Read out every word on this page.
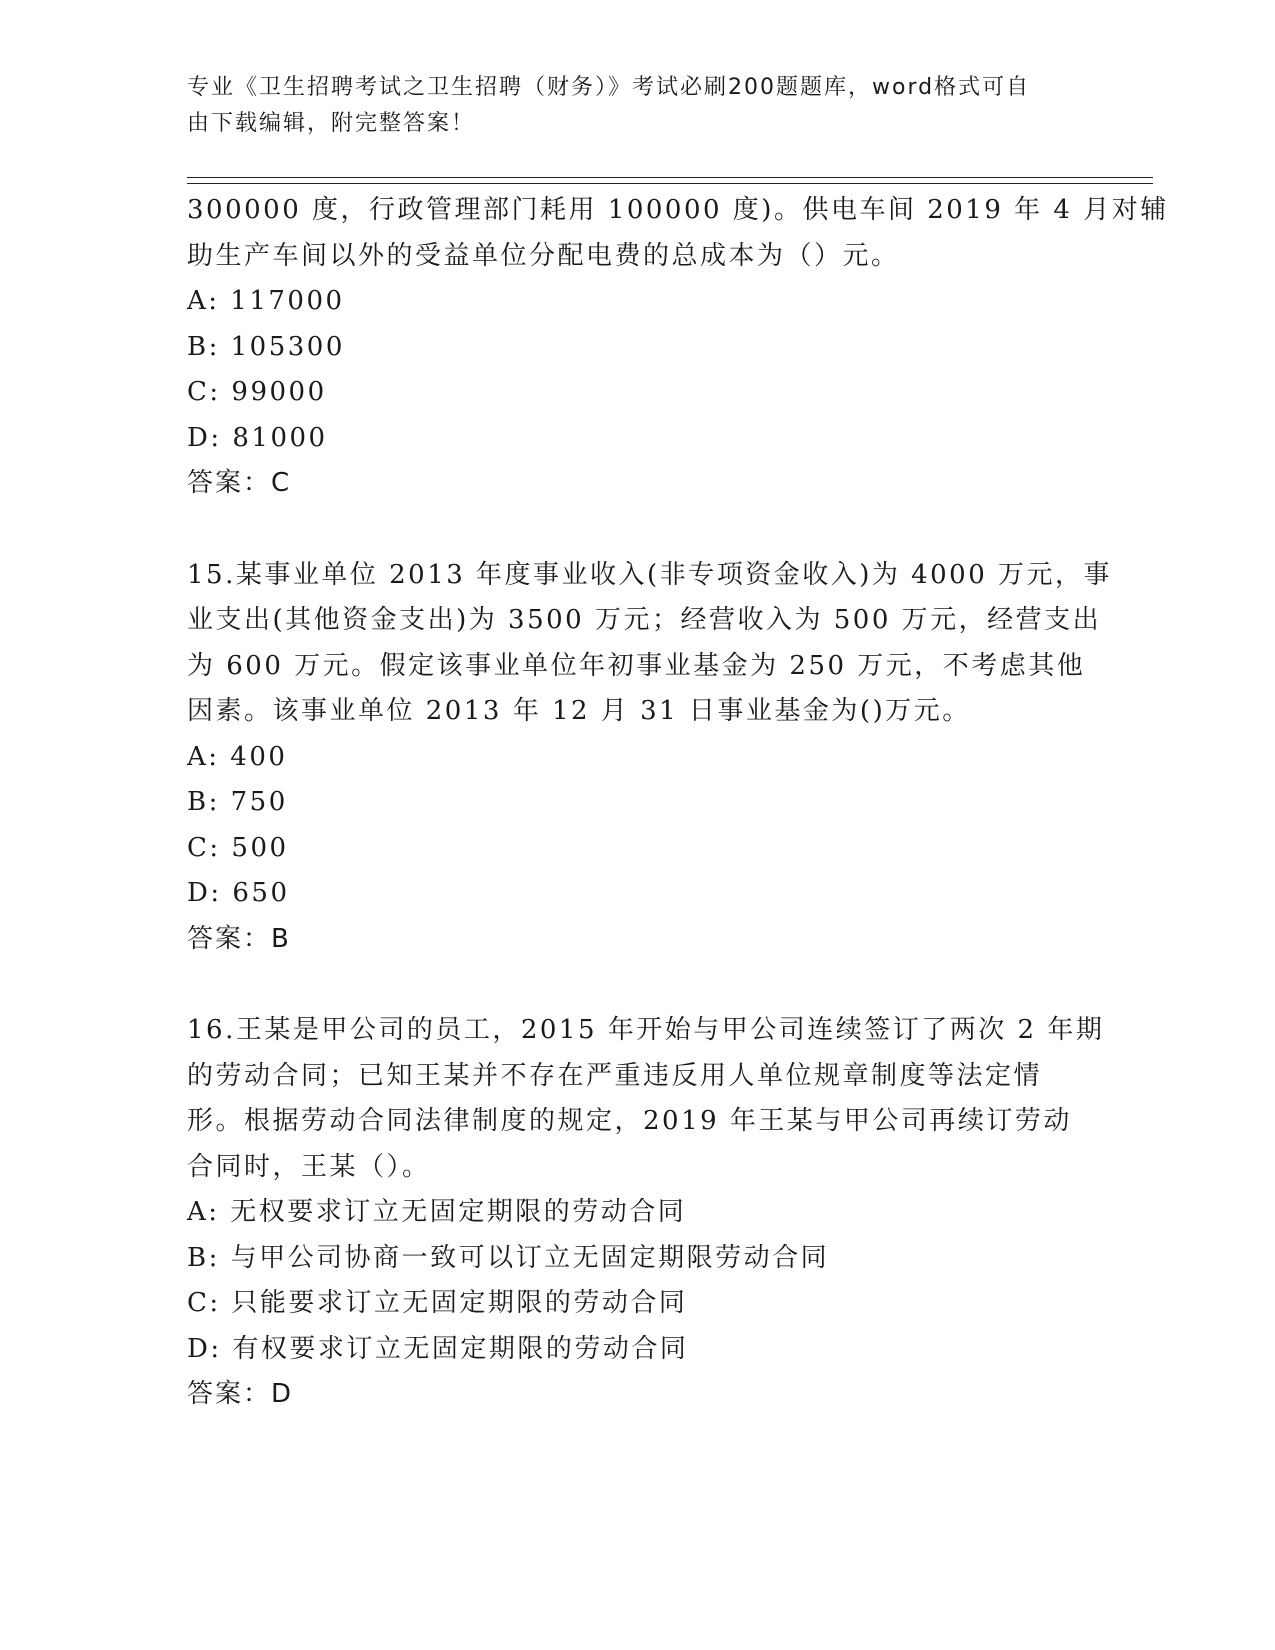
专业《卫生招聘考试之卫生招聘（财务）》考试必刷200题题库，word格式可自
由下载编辑，附完整答案！
300000 度，行政管理部门耗用 100000 度)。供电车间 2019 年 4 月对辅
助生产车间以外的受益单位分配电费的总成本为（）元。
A: 117000
B: 105300
C: 99000
D: 81000
答案：C
15.某事业单位 2013 年度事业收入(非专项资金收入)为 4000 万元，事
业支出(其他资金支出)为 3500 万元；经营收入为 500 万元，经营支出
为 600 万元。假定该事业单位年初事业基金为 250 万元，不考虑其他
因素。该事业单位 2013 年 12 月 31 日事业基金为()万元。
A: 400
B: 750
C: 500
D: 650
答案：B
16.王某是甲公司的员工，2015 年开始与甲公司连续签订了两次 2 年期
的劳动合同；已知王某并不存在严重违反用人单位规章制度等法定情
形。根据劳动合同法律制度的规定，2019 年王某与甲公司再续订劳动
合同时，王某（）。
A: 无权要求订立无固定期限的劳动合同
B: 与甲公司协商一致可以订立无固定期限劳动合同
C: 只能要求订立无固定期限的劳动合同
D: 有权要求订立无固定期限的劳动合同
答案：D
